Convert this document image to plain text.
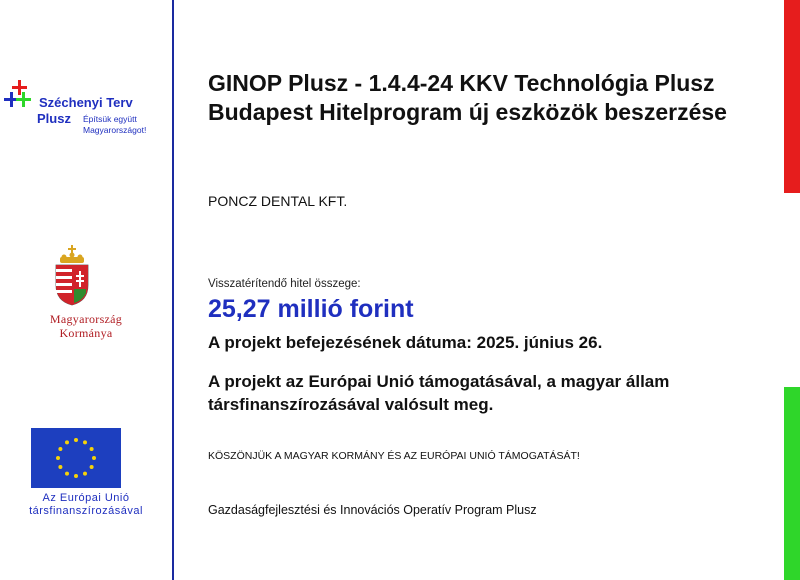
Széchenyi Terv
Plusz Építsük együtt
Magyarországot!
Magyarország
Kormánya
Az Európai Unió
társfinanszírozásával
GINOP Plusz - 1.4.4-24 KKV Technológia Plusz Budapest Hitelprogram új eszközök beszerzése
PONCZ DENTAL KFT.
Visszatérítendő hitel összege:
25,27 millió forint
A projekt befejezésének dátuma: 2025. június 26.
A projekt az Európai Unió támogatásával, a magyar állam társfinanszírozásával valósult meg.
KÖSZÖNJÜK A MAGYAR KORMÁNY ÉS AZ EURÓPAI UNIÓ TÁMOGATÁSÁT!
Gazdaságfejlesztési és Innovációs Operatív Program Plusz
